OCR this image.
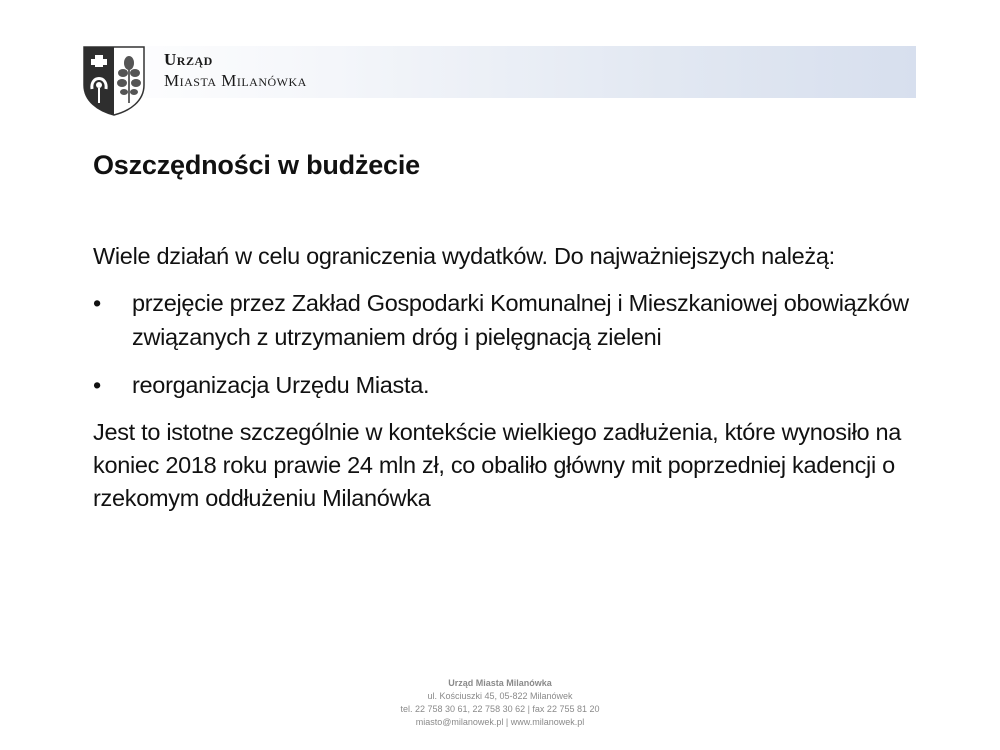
Urząd
Miasta Milanówka
Oszczędności w budżecie

Wiele działań w celu ograniczenia wydatków. Do najważniejszych należą:

• przejęcie przez Zakład Gospodarki Komunalnej i Mieszkaniowej obowiązków związanych z utrzymaniem dróg i pielęgnacją zieleni
• reorganizacja Urzędu Miasta.

Jest to istotne szczególnie w kontekście wielkiego zadłużenia, które wynosiło na koniec 2018 roku prawie 24 mln zł, co obaliło główny mit poprzedniej kadencji o rzekomym oddłużeniu Milanówka

Urząd Miasta Milanówka
ul. Kościuszki 45, 05-822 Milanówek
tel. 22 758 30 61, 22 758 30 62 | fax 22 755 81 20
miasto@milanowek.pl | www.milanowek.pl
